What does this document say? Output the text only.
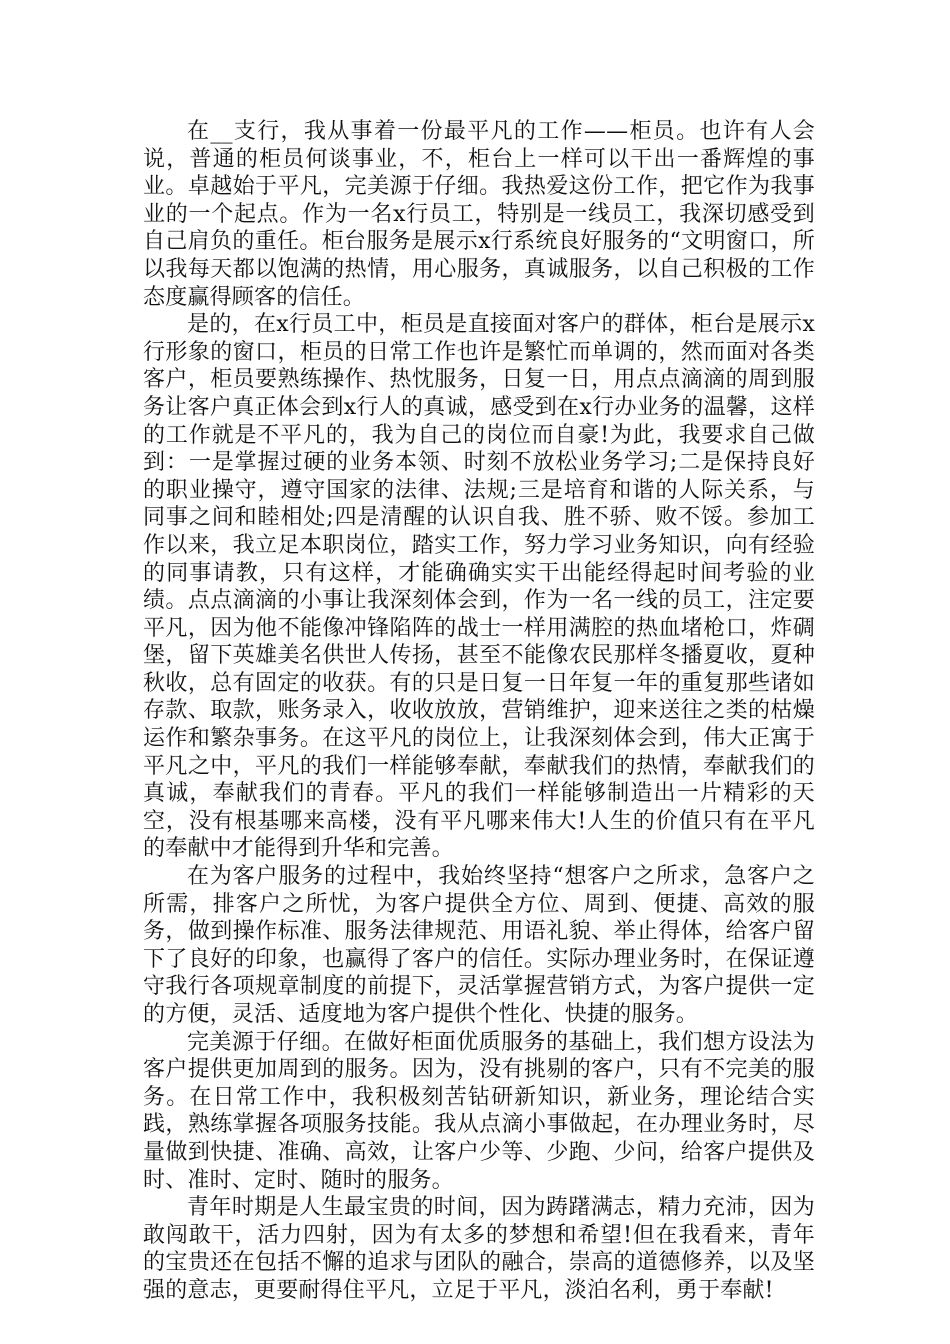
在__支行，我从事着一份最平凡的工作——柜员。也许有人会说，普通的柜员何谈事业，不，柜台上一样可以干出一番辉煌的事业。卓越始于平凡，完美源于仔细。我热爱这份工作，把它作为我事业的一个起点。作为一名x行员工，特别是一线员工，我深切感受到自己肩负的重任。柜台服务是展示x行系统良好服务的“文明窗口，所以我每天都以饱满的热情，用心服务，真诚服务，以自己积极的工作态度赢得顾客的信任。

是的，在x行员工中，柜员是直接面对客户的群体，柜台是展示x行形象的窗口，柜员的日常工作也许是繁忙而单调的，然而面对各类客户，柜员要熟练操作、热忱服务，日复一日，用点点滴滴的周到服务让客户真正体会到x行人的真诚，感受到在x行办业务的温馨，这样的工作就是不平凡的，我为自己的岗位而自豪!为此，我要求自己做到：一是掌握过硬的业务本领、时刻不放松业务学习;二是保持良好的职业操守，遵守国家的法律、法规;三是培育和谐的人际关系，与同事之间和睦相处;四是清醒的认识自我、胜不骄、败不馁。参加工作以来，我立足本职岗位，踏实工作，努力学习业务知识，向有经验的同事请教，只有这样，才能确确实实干出能经得起时间考验的业绩。点点滴滴的小事让我深刻体会到，作为一名一线的员工，注定要平凡，因为他不能像冲锋陷阵的战士一样用满腔的热血堵枪口，炸碉堡，留下英雄美名供世人传扬，甚至不能像农民那样冬播夏收，夏种秋收，总有固定的收获。有的只是日复一日年复一年的重复那些诸如存款、取款，账务录入，收收放放，营销维护，迎来送往之类的枯燥运作和繁杂事务。在这平凡的岗位上，让我深刻体会到，伟大正寓于平凡之中，平凡的我们一样能够奉献，奉献我们的热情，奉献我们的真诚，奉献我们的青春。平凡的我们一样能够制造出一片精彩的天空，没有根基哪来高楼，没有平凡哪来伟大!人生的价值只有在平凡的奉献中才能得到升华和完善。

在为客户服务的过程中，我始终坚持“想客户之所求，急客户之所需，排客户之所忧，为客户提供全方位、周到、便捷、高效的服务，做到操作标准、服务法律规范、用语礼貌、举止得体，给客户留下了良好的印象，也赢得了客户的信任。实际办理业务时，在保证遵守我行各项规章制度的前提下，灵活掌握营销方式，为客户提供一定的方便，灵活、适度地为客户提供个性化、快捷的服务。

完美源于仔细。在做好柜面优质服务的基础上，我们想方设法为客户提供更加周到的服务。因为，没有挑剔的客户，只有不完美的服务。在日常工作中，我积极刻苦钻研新知识，新业务，理论结合实践，熟练掌握各项服务技能。我从点滴小事做起，在办理业务时，尽量做到快捷、准确、高效，让客户少等、少跑、少问，给客户提供及时、准时、定时、随时的服务。

青年时期是人生最宝贵的时间，因为踌躇满志，精力充沛，因为敢闯敢干，活力四射，因为有太多的梦想和希望!但在我看来，青年的宝贵还在包括不懈的追求与团队的融合，崇高的道德修养，以及坚强的意志，更要耐得住平凡，立足于平凡，淡泊名利，勇于奉献!
